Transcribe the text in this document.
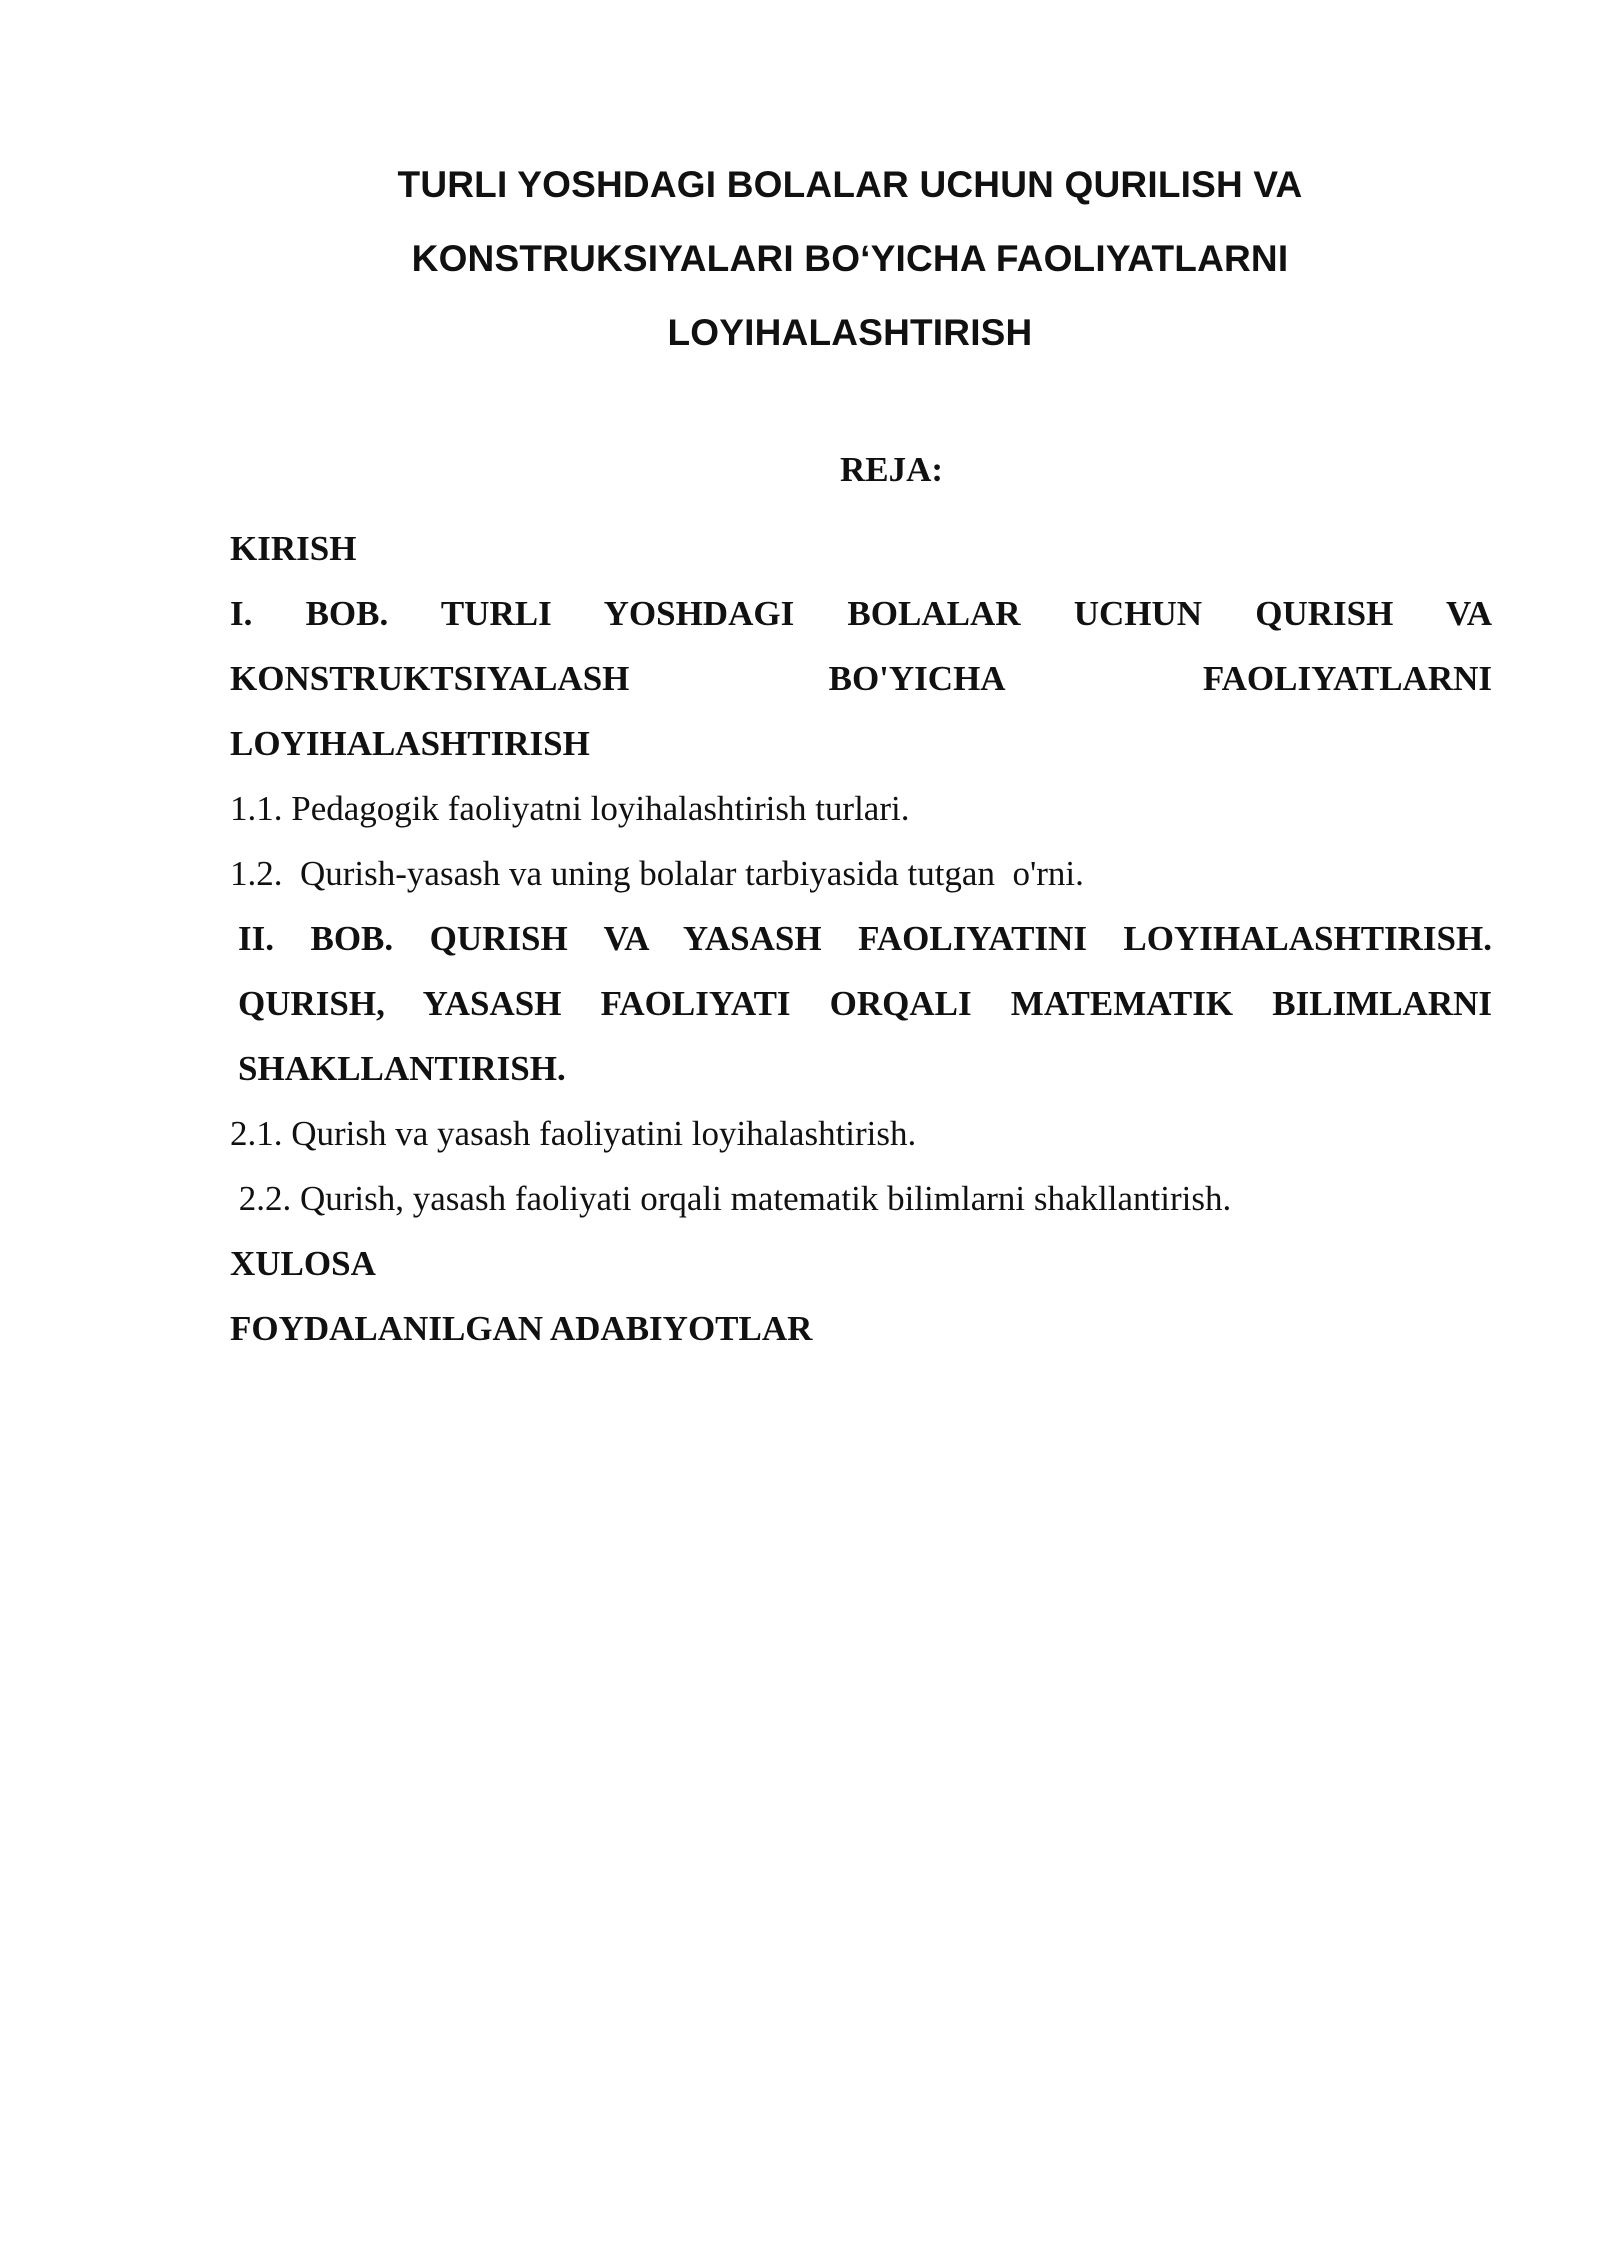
TURLI YOSHDAGI BOLALAR UCHUN QURILISH VA
KONSTRUKSIYALARI BO‘YICHA FAOLIYATLARNI
LOYIHALASHTIRISH
REJA:

KIRISH

I. BOB. TURLI YOSHDAGI BOLALAR UCHUN QURISH VA
KONSTRUKTSIYALASH BO'YICHA FAOLIYATLARNI
LOYIHALASHTIRISH

1.1. Pedagogik faoliyatni loyihalashtirish turlari.

1.2.  Qurish-yasash va uning bolalar tarbiyasida tutgan  o'rni.

II. BOB. QURISH VA YASASH FAOLIYATINI LOYIHALASHTIRISH.
QURISH, YASASH FAOLIYATI ORQALI MATEMATIK BILIMLARNI
SHAKLLANTIRISH.

2.1. Qurish va yasash faoliyatini loyihalashtirish.

2.2. Qurish, yasash faoliyati orqali matematik bilimlarni shakllantirish.

XULOSA

FOYDALANILGAN ADABIYOTLAR
